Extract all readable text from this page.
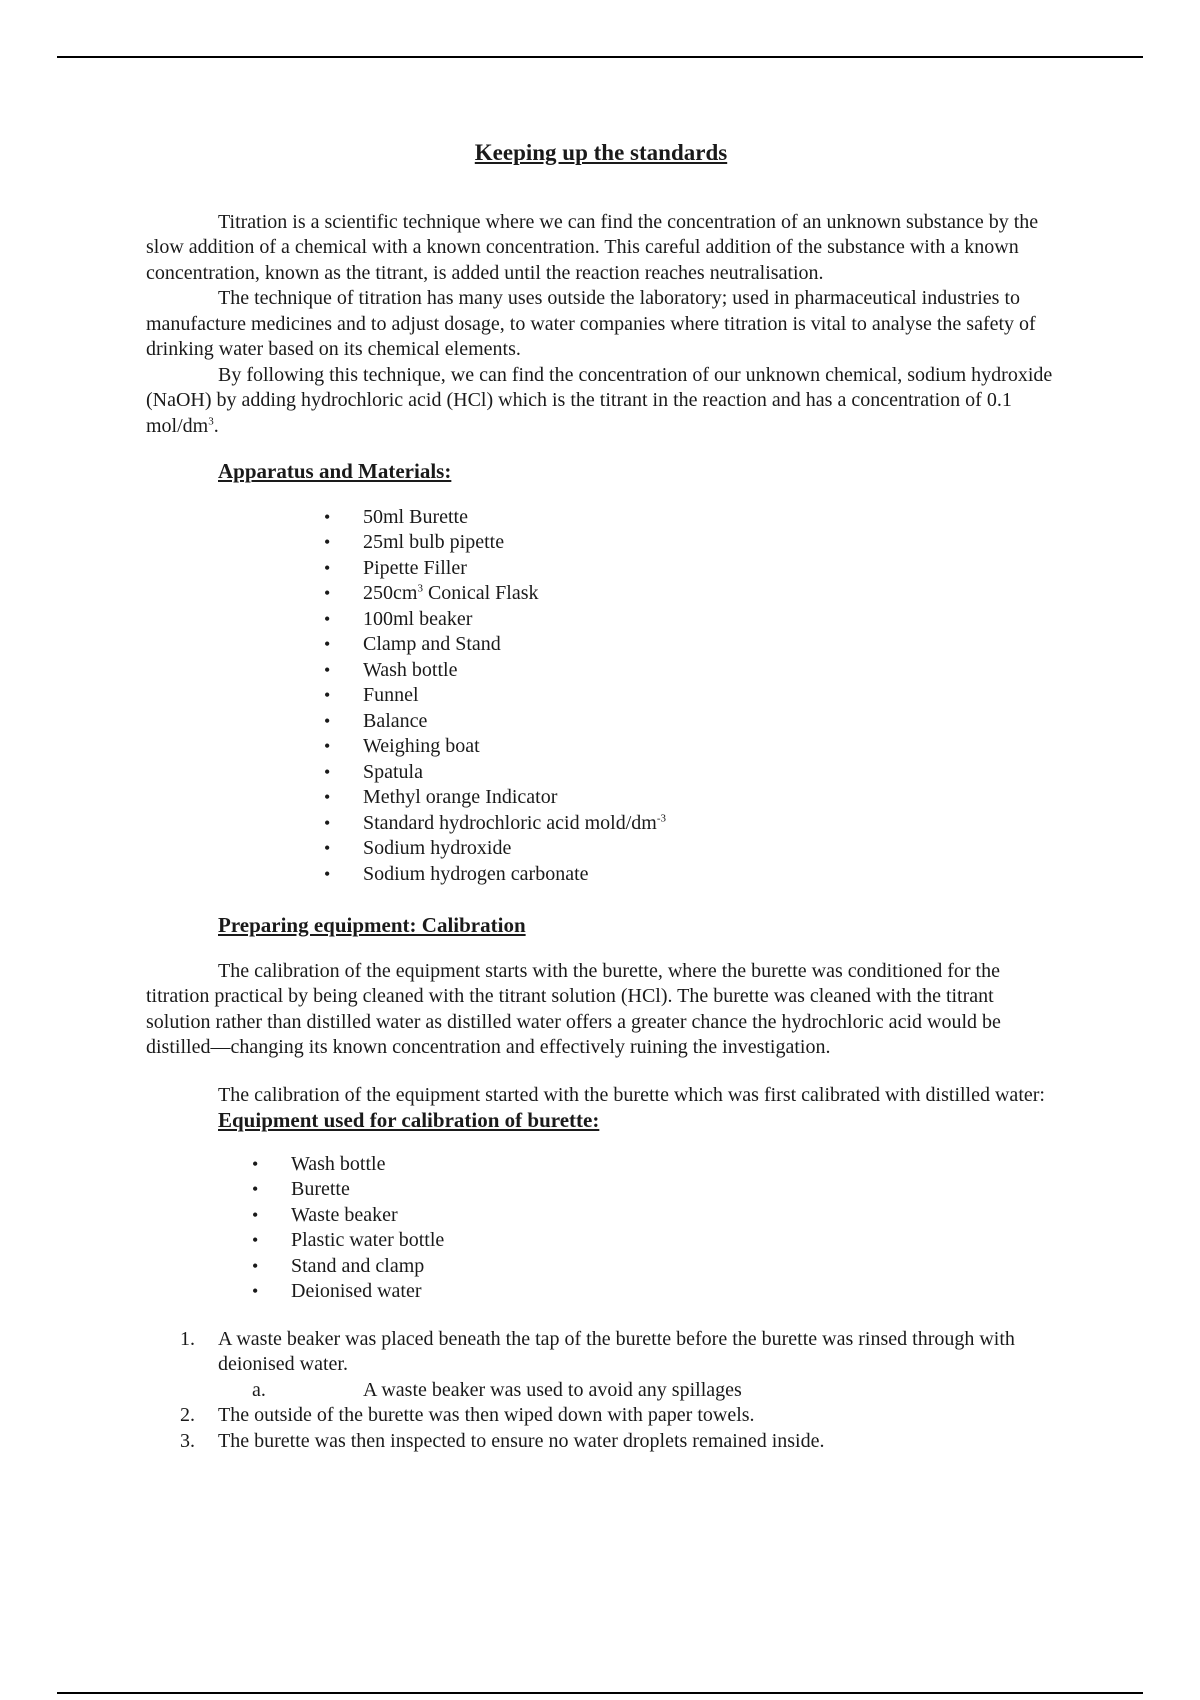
Keeping up the standards

Titration is a scientific technique where we can find the concentration of an unknown substance by the slow addition of a chemical with a known concentration. This careful addition of the substance with a known concentration, known as the titrant, is added until the reaction reaches neutralisation.

The technique of titration has many uses outside the laboratory; used in pharmaceutical industries to manufacture medicines and to adjust dosage, to water companies where titration is vital to analyse the safety of drinking water based on its chemical elements.

By following this technique, we can find the concentration of our unknown chemical, sodium hydroxide (NaOH) by adding hydrochloric acid (HCl) which is the titrant in the reaction and has a concentration of 0.1 mol/$dm^3$.

Apparatus and Materials:
• 50ml Burette
• 25ml bulb pipette
• Pipette Filler
• $250cm^3$ Conical Flask
• 100ml beaker
• Clamp and Stand
• Wash bottle
• Funnel
• Balance
• Weighing boat
• Spatula
• Methyl orange Indicator
• Standard hydrochloric acid mold/$dm^{-3}$
• Sodium hydroxide
• Sodium hydrogen carbonate
Preparing equipment: Calibration

The calibration of the equipment starts with the burette, where the burette was conditioned for the titration practical by being cleaned with the titrant solution (HCl). The burette was cleaned with the titrant solution rather than distilled water as distilled water offers a greater chance the hydrochloric acid would be distilled—changing its known concentration and effectively ruining the investigation.

The calibration of the equipment started with the burette which was first calibrated with distilled water:

Equipment used for calibration of burette:
• Wash bottle
• Burette
• Waste beaker
• Plastic water bottle
• Stand and clamp
• Deionised water
1. A waste beaker was placed beneath the tap of the burette before the burette was rinsed through with deionised water.
a.	A waste beaker was used to avoid any spillages
2. The outside of the burette was then wiped down with paper towels.
3. The burette was then inspected to ensure no water droplets remained inside.
